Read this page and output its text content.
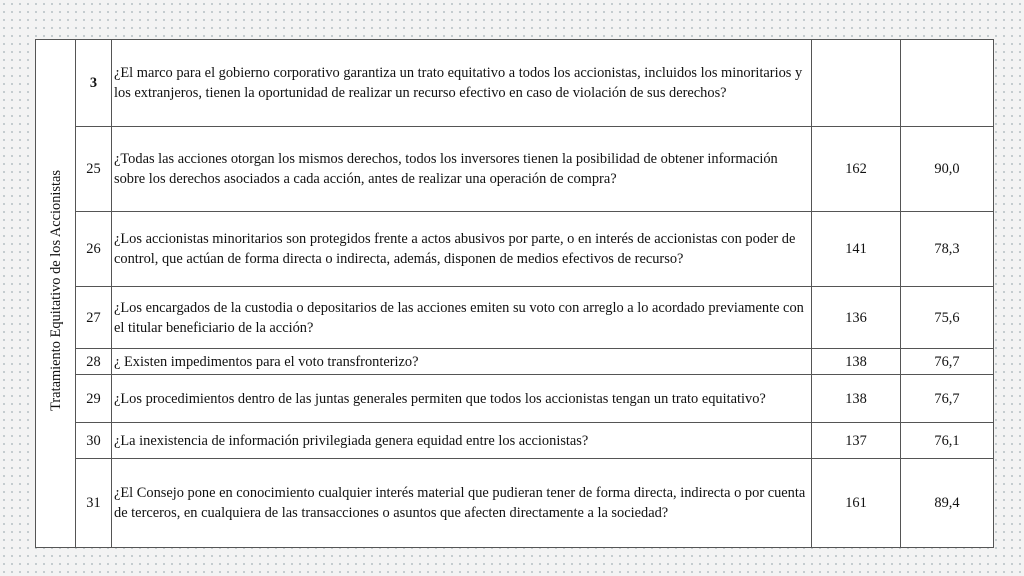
Tratamiento Equitativo de los Accionistas	3	¿El marco para el gobierno corporativo garantiza un trato equitativo a todos los accionistas, incluidos los minoritarios y los extranjeros, tienen la oportunidad de realizar un recurso efectivo en caso de violación de sus derechos?		
	25	¿Todas las acciones otorgan los mismos derechos, todos los inversores tienen la posibilidad de obtener información sobre los derechos asociados a cada acción, antes de realizar una operación de compra?	162	90,0
	26	¿Los accionistas minoritarios son protegidos frente a actos abusivos por parte, o en interés de accionistas con poder de control, que actúan de forma directa o indirecta, además, disponen de medios efectivos de recurso?	141	78,3
	27	¿Los encargados de la custodia o depositarios de las acciones emiten su voto con arreglo a lo acordado previamente con el titular beneficiario de la acción?	136	75,6
	28	¿ Existen impedimentos para el voto transfronterizo?	138	76,7
	29	¿Los procedimientos dentro de las juntas generales permiten que todos los accionistas tengan un trato equitativo?	138	76,7
	30	¿La inexistencia de información privilegiada genera equidad entre los accionistas?	137	76,1
	31	¿El Consejo pone en conocimiento cualquier interés material que pudieran tener de forma directa, indirecta o por cuenta de terceros, en cualquiera de las transacciones o asuntos que afecten directamente a la sociedad?	161	89,4
